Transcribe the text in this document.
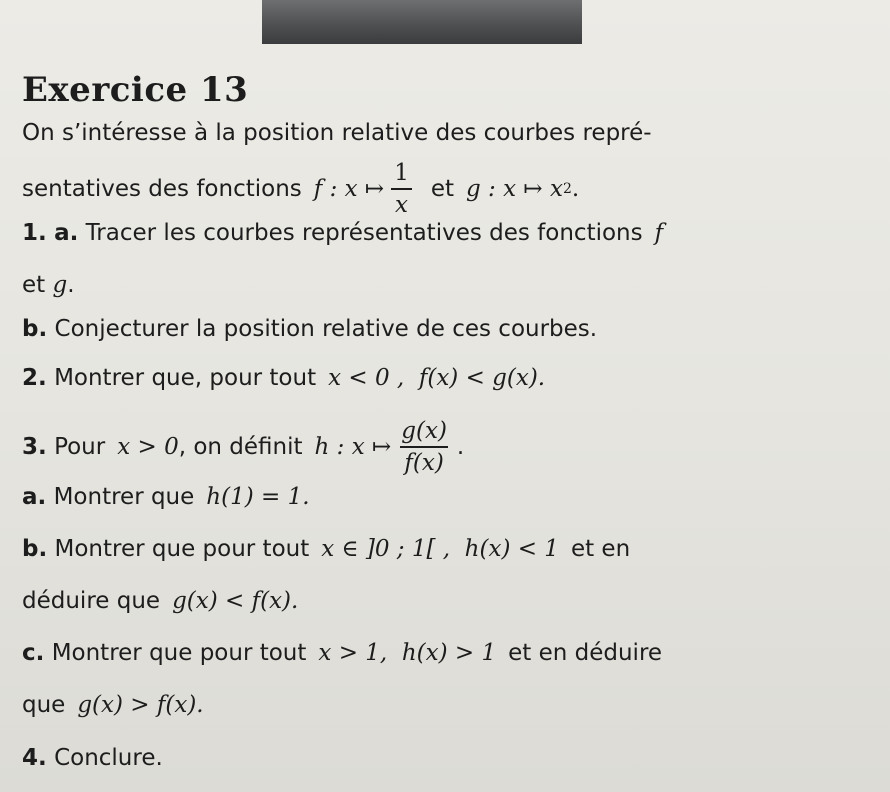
Exercice 13
On s’intéresse à la position relative des courbes repré-
sentatives des fonctions f : x ↦ $\frac{1}{x}$ et g : x ↦ x 2 .
1.
a.
Tracer les courbes représentatives des fonctions f
et
g .
b.
Conjecturer la position relative de ces courbes.
2.
Montrer que, pour tout x < 0 ,  f(x) < g(x).
3.
Pour x > 0 , on définit h : x ↦ $\frac{g(x)}{f(x)}$ .
a.
Montrer que h(1) = 1.
b.
Montrer que pour tout x ∈ ]0 ; 1[ ,  h(x) < 1 et en
déduire que g(x) < f(x).
c.
Montrer que pour tout x > 1,  h(x) > 1 et en déduire
que g(x) > f(x).
4.
Conclure.
